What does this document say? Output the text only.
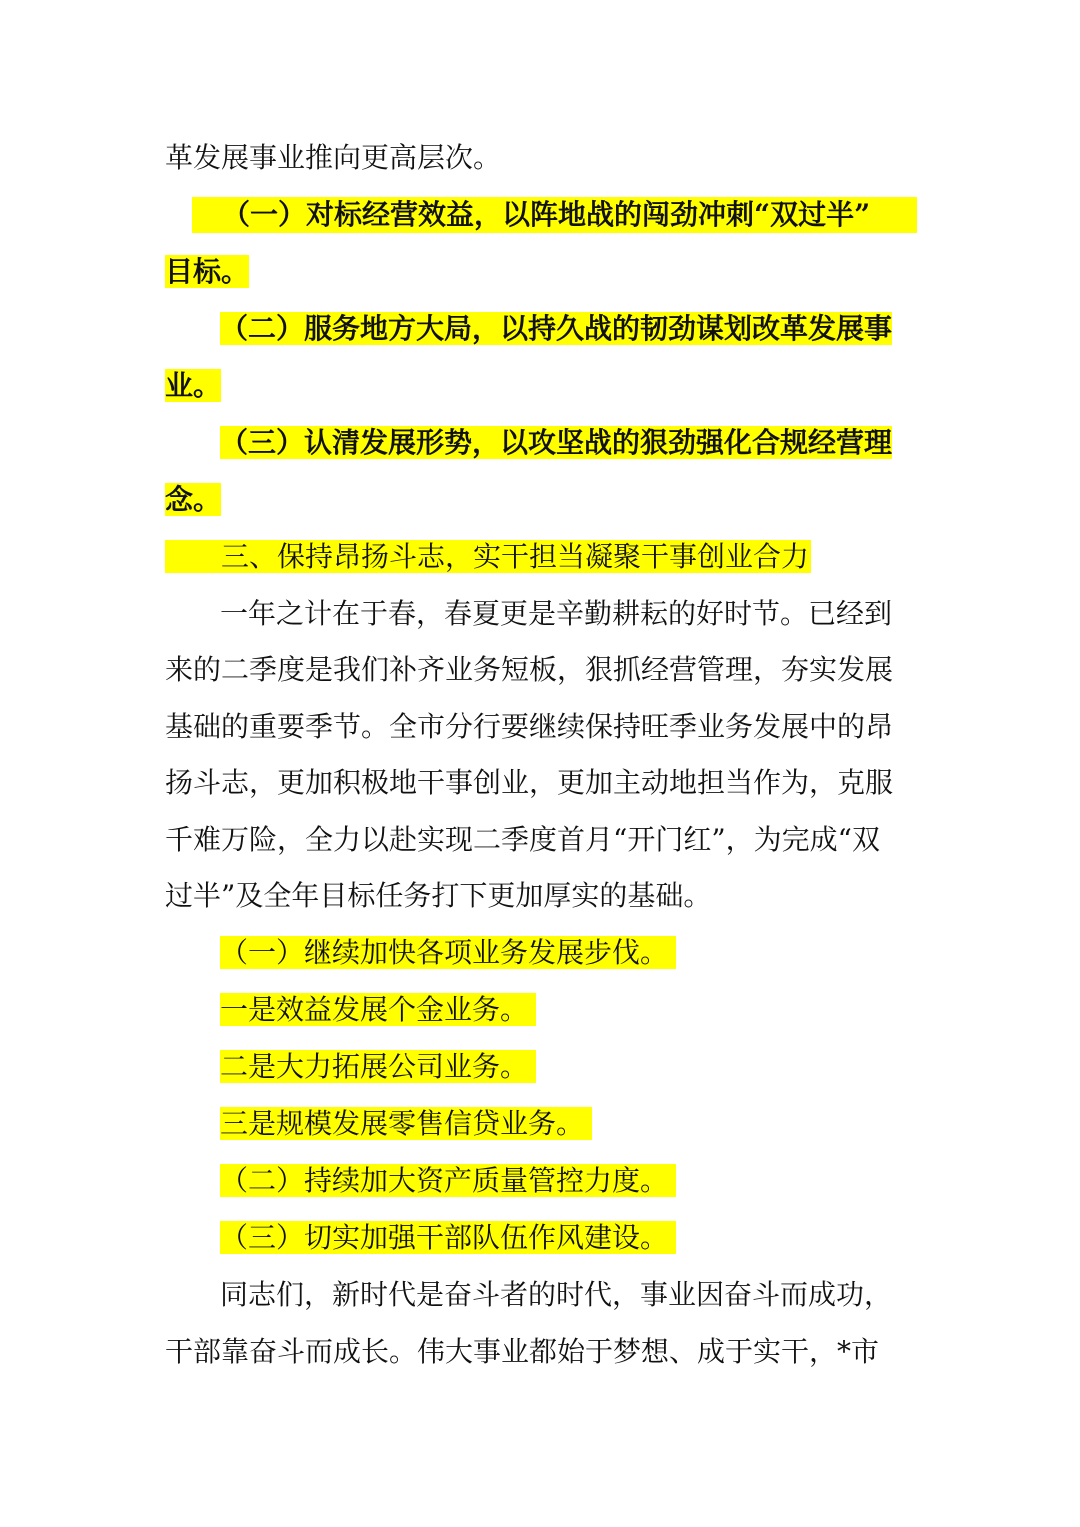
革发展事业推向更高层次。
（一）对标经营效益，以阵地战的闯劲冲刺“双过半”
目标。
（二）服务地方大局，以持久战的韧劲谋划改革发展事
业。
（三）认清发展形势，以攻坚战的狠劲强化合规经营理
念。
三、保持昂扬斗志，实干担当凝聚干事创业合力
一年之计在于春，春夏更是辛勤耕耘的好时节。已经到
来的二季度是我们补齐业务短板，狠抓经营管理，夯实发展
基础的重要季节。全市分行要继续保持旺季业务发展中的昂
扬斗志，更加积极地干事创业，更加主动地担当作为，克服
千难万险，全力以赴实现二季度首月“开门红”，为完成“双
过半”及全年目标任务打下更加厚实的基础。
（一）继续加快各项业务发展步伐。
一是效益发展个金业务。
二是大力拓展公司业务。
三是规模发展零售信贷业务。
（二）持续加大资产质量管控力度。
（三）切实加强干部队伍作风建设。
同志们，新时代是奋斗者的时代，事业因奋斗而成功，
干部靠奋斗而成长。伟大事业都始于梦想、成于实干，*市
